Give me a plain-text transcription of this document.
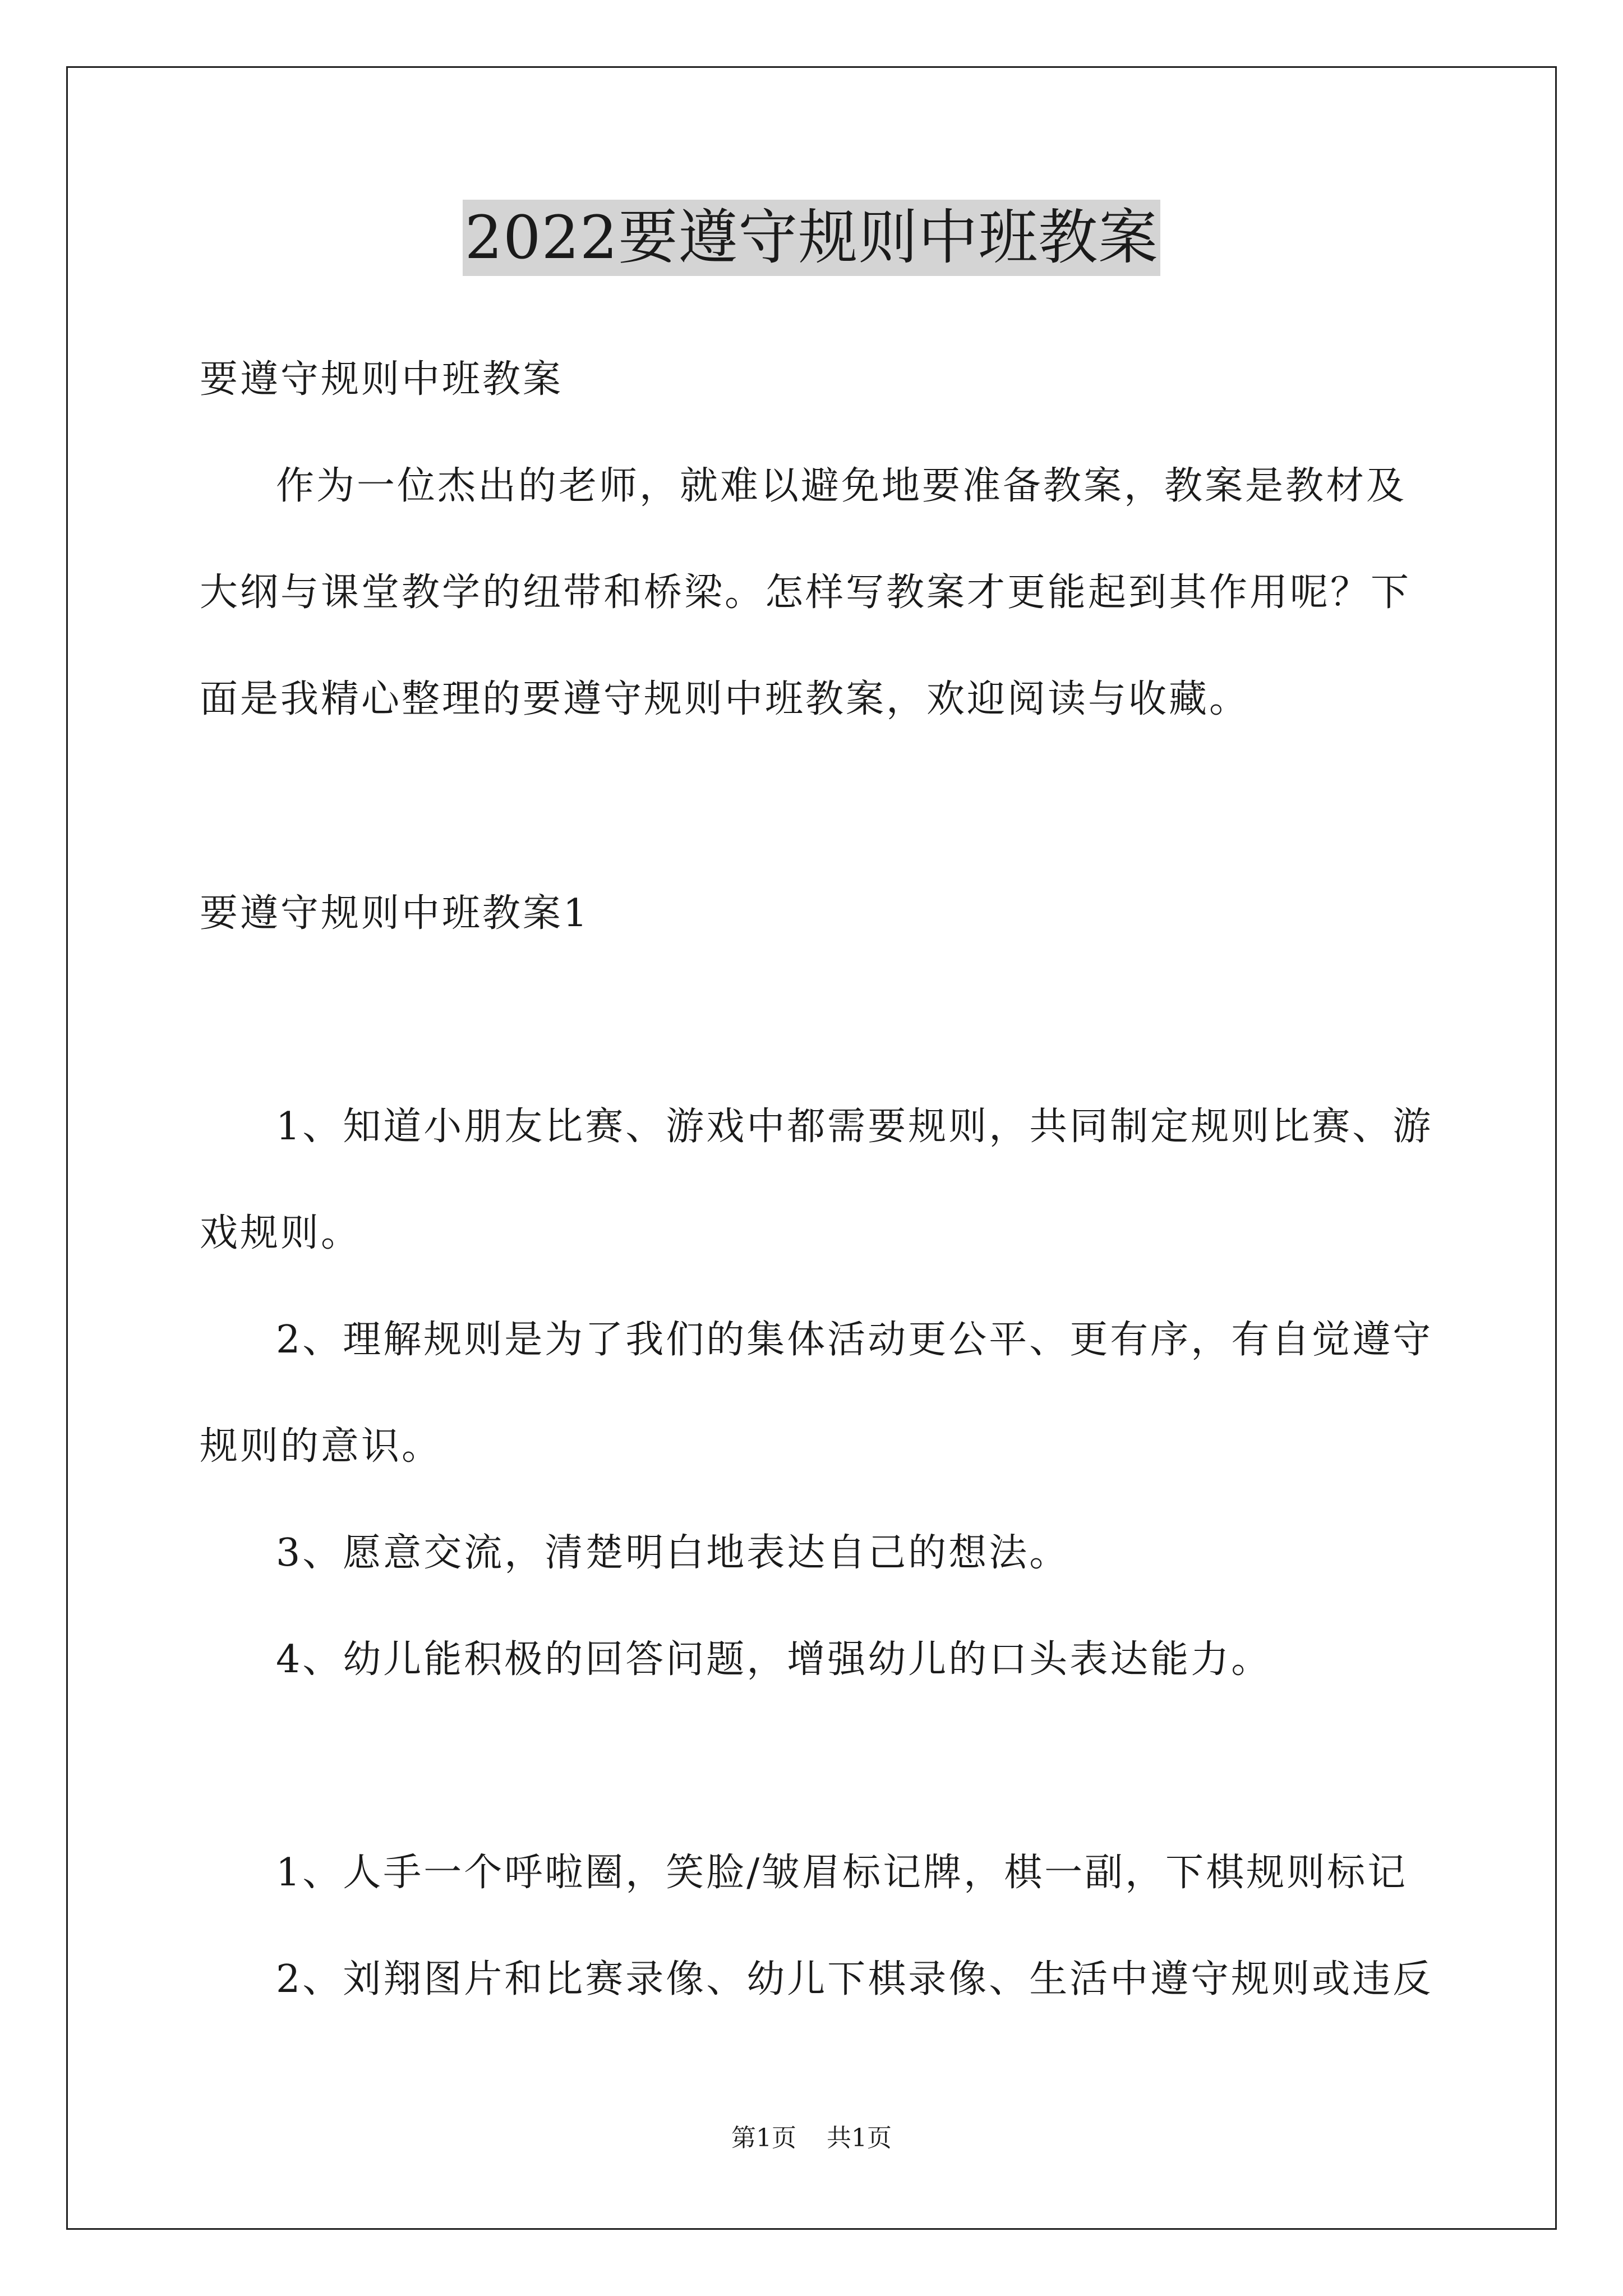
2022要遵守规则中班教案
要遵守规则中班教案
作为一位杰出的老师，就难以避免地要准备教案，教案是教材及
大纲与课堂教学的纽带和桥梁。怎样写教案才更能起到其作用呢？下
面是我精心整理的要遵守规则中班教案，欢迎阅读与收藏。
要遵守规则中班教案1
1、知道小朋友比赛、游戏中都需要规则，共同制定规则比赛、游
戏规则。
2、理解规则是为了我们的集体活动更公平、更有序，有自觉遵守
规则的意识。
3、愿意交流，清楚明白地表达自己的想法。
4、幼儿能积极的回答问题，增强幼儿的口头表达能力。
1、人手一个呼啦圈，笑脸/皱眉标记牌，棋一副，下棋规则标记
2、刘翔图片和比赛录像、幼儿下棋录像、生活中遵守规则或违反
第1页 共1页
